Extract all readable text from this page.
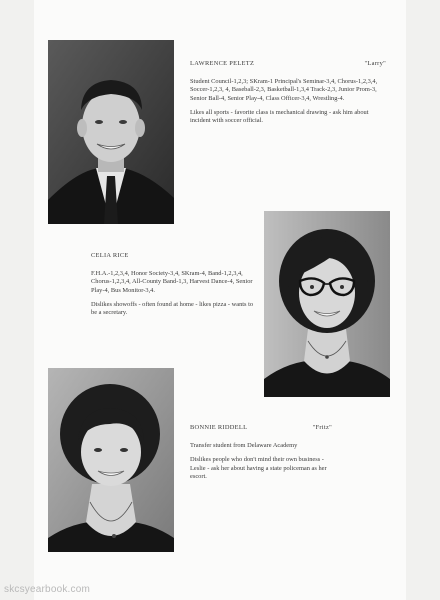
LAWRENCE PELETZ	"Larry"

Student Council-1,2,3; SKram-1 Principal's Seminar-3,4, Chorus-1,2,3,4, Soccer-1,2,3, 4, Baseball-2,3, Basketball-1,3,4 Track-2,3, Junior Prom-3, Senior Ball-4, Senior Play-4, Class Officer-3,4, Wrestling-4.

Likes all sports - favorite class is mechanical drawing - ask him about incident with soccer official.

CELIA RICE

F.H.A.-1,2,3,4, Honor Society-3,4, SKram-4, Band-1,2,3,4, Chorus-1,2,3,4, All-County Band-1,3, Harvest Dance-4, Senior Play-4, Bus Monitor-3,4.

Dislikes showoffs - often found at home - likes pizza - wants to be a secretary.

BONNIE RIDDELL	"Fritz"

Transfer student from Delaware Academy

Dislikes people who don't mind their own business - Leslie - ask her about having a state policeman as her escort.

skcsyearbook.com
